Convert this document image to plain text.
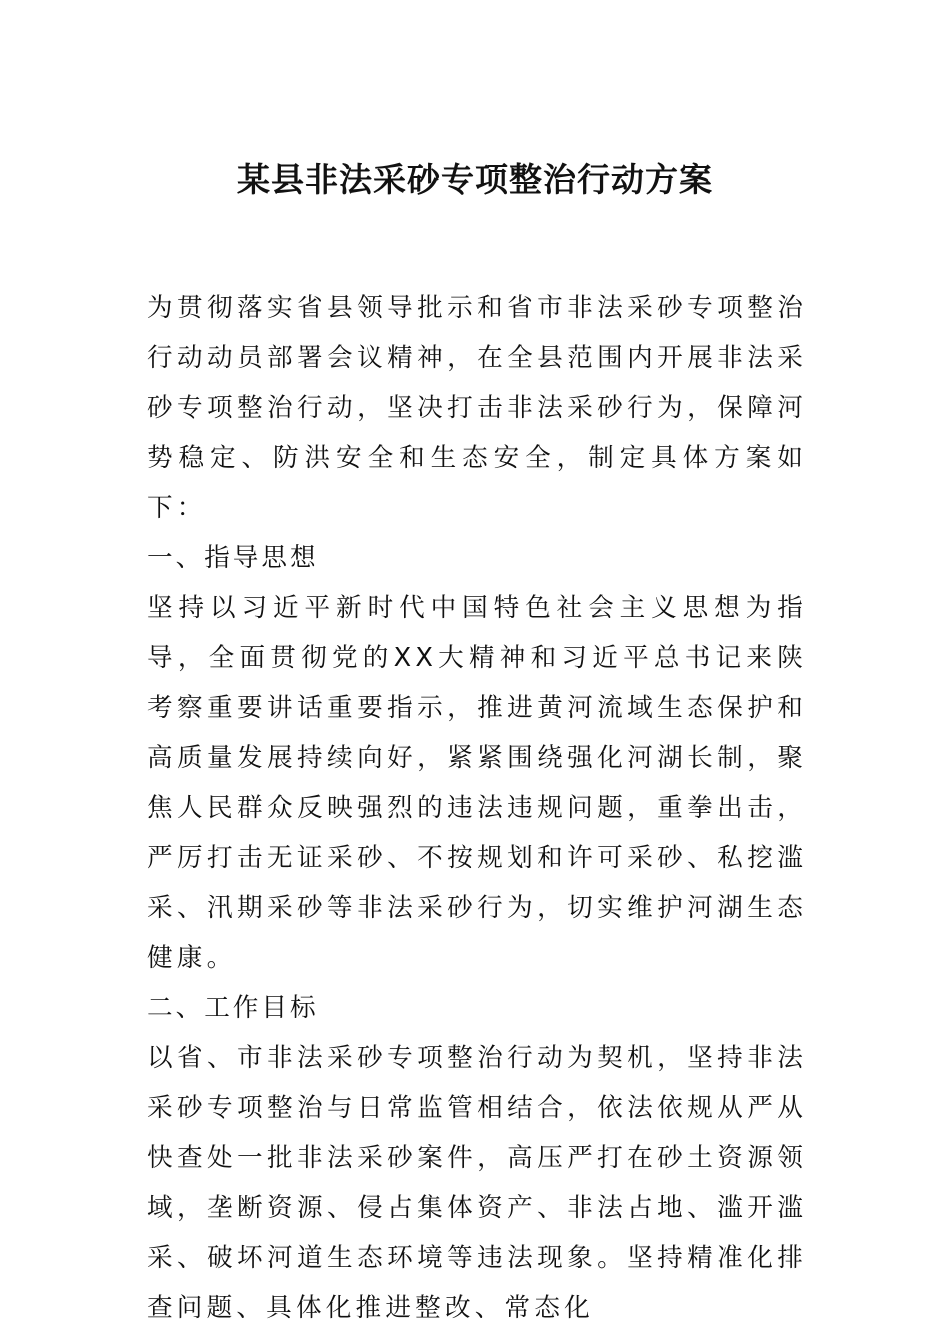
某县非法采砂专项整治行动方案

为贯彻落实省县领导批示和省市非法采砂专项整治行动动员部署会议精神，在全县范围内开展非法采砂专项整治行动，坚决打击非法采砂行为，保障河势稳定、防洪安全和生态安全，制定具体方案如下：

一、指导思想

坚持以习近平新时代中国特色社会主义思想为指导，全面贯彻党的XX大精神和习近平总书记来陕考察重要讲话重要指示，推进黄河流域生态保护和高质量发展持续向好，紧紧围绕强化河湖长制，聚焦人民群众反映强烈的违法违规问题，重拳出击，严厉打击无证采砂、不按规划和许可采砂、私挖滥采、汛期采砂等非法采砂行为，切实维护河湖生态健康。

二、工作目标

以省、市非法采砂专项整治行动为契机，坚持非法采砂专项整治与日常监管相结合，依法依规从严从快查处一批非法采砂案件，高压严打在砂土资源领域，垄断资源、侵占集体资产、非法占地、滥开滥采、破坏河道生态环境等违法现象。坚持精准化排查问题、具体化推进整改、常态化
